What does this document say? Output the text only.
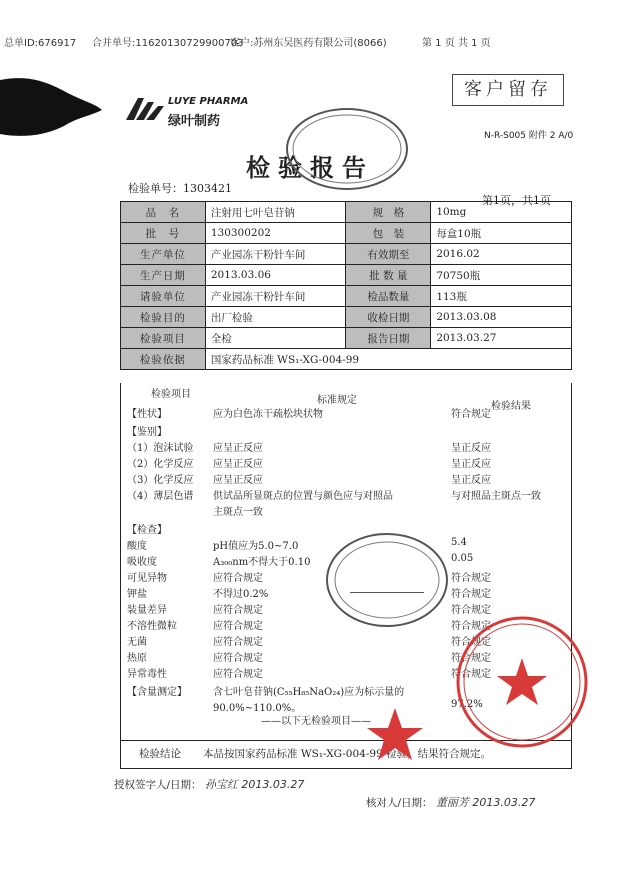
总单ID:676917 合并单号:11620130729900703
客户:苏州东吴医药有限公司(8066)	第 1 页 共 1 页
客户留存
LUYE PHARMA
绿叶制药
N-R-S005 附件 2 A/0
检验报告
检验单号：1303421
第1页，共1页
品　名	注射用七叶皂苷钠	规　格	10mg
批　号	130300202	包　装	每盒10瓶
生产单位	产业园冻干粉针车间	有效期至	2016.02
生产日期	2013.03.06	批 数 量	70750瓶
请验单位	产业园冻干粉针车间	检品数量	113瓶
检验目的	出厂检验	收检日期	2013.03.08
检验项目	全检	报告日期	2013.03.27
检验依据	国家药品标准 WS₁-XG-004-99		
检验项目
标准规定
检验结果
【性状】	应为白色冻干疏松块状物	符合规定
【鉴别】
（1）泡沫试验 应呈正反应	呈正反应
（2）化学反应 应呈正反应	呈正反应
（3）化学反应 应呈正反应	呈正反应
（4）薄层色谱 供试品所显斑点的位置与颜色应与对照品	与对照品主斑点一致
主斑点一致
【检查】
酸度	pH值应为5.0~7.0	5.4
吸收度	A₃₀₀nm不得大于0.10	0.05
可见异物	应符合规定	符合规定
钾盐	不得过0.2%	符合规定
装量差异	应符合规定	符合规定
不溶性微粒	应符合规定	符合规定
无菌	应符合规定	符合规定
热原	应符合规定	符合规定
异常毒性	应符合规定	符合规定
【含量测定】	含七叶皂苷钠(C₅₅H₈₅NaO₂₄)应为标示量的
90.0%~110.0%。	97.2%
——以下无检验项目——
检验结论	本品按国家药品标准 WS₁-XG-004-99 检验，结果符合规定。
授权签字人/日期： 孙宝红 2013.03.27
核对人/日期： 董丽芳 2013.03.27
